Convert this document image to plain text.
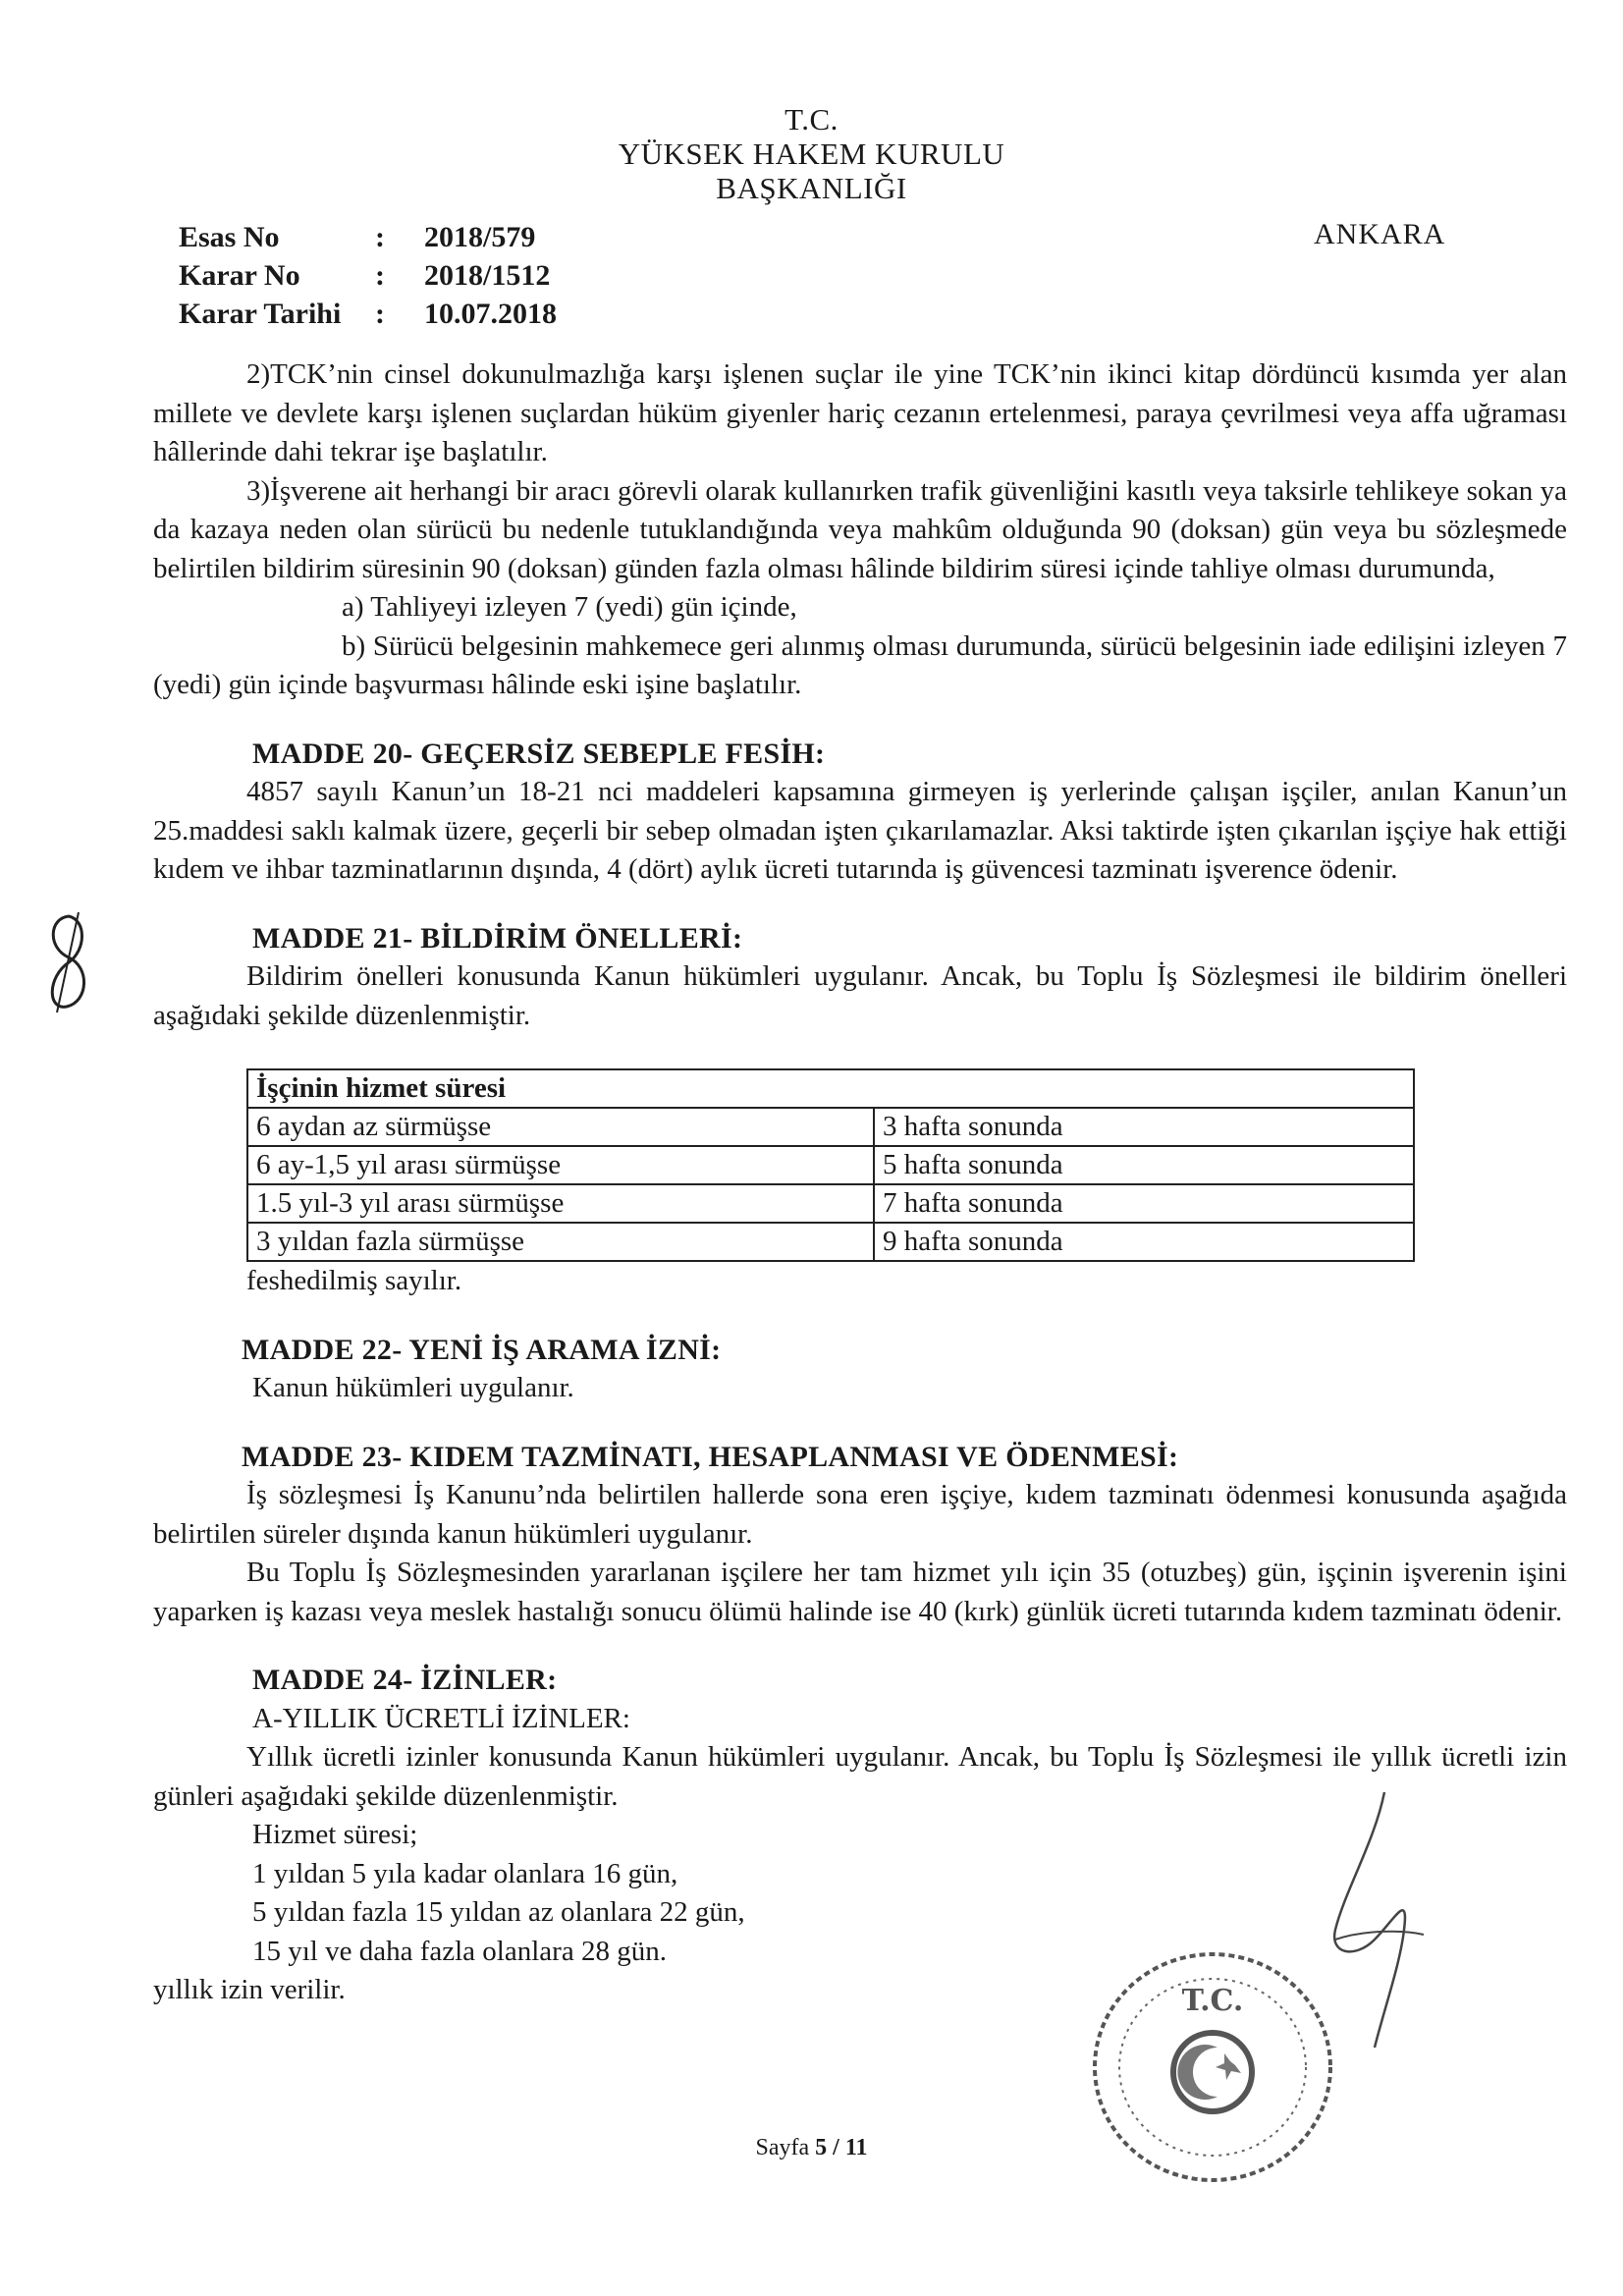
T.C.
YÜKSEK HAKEM KURULU
BAŞKANLIĞI
Esas No	:	2018/579
Karar No	:	2018/1512
Karar Tarihi	:	10.07.2018
ANKARA

2)TCK’nin cinsel dokunulmazlığa karşı işlenen suçlar ile yine TCK’nin ikinci kitap dördüncü kısımda yer alan millete ve devlete karşı işlenen suçlardan hüküm giyenler hariç cezanın ertelenmesi, paraya çevrilmesi veya affa uğraması hâllerinde dahi tekrar işe başlatılır.

3)İşverene ait herhangi bir aracı görevli olarak kullanırken trafik güvenliğini kasıtlı veya taksirle tehlikeye sokan ya da kazaya neden olan sürücü bu nedenle tutuklandığında veya mahkûm olduğunda 90 (doksan) gün veya bu sözleşmede belirtilen bildirim süresinin 90 (doksan) günden fazla olması hâlinde bildirim süresi içinde tahliye olması durumunda,

a) Tahliyeyi izleyen 7 (yedi) gün içinde,

b) Sürücü belgesinin mahkemece geri alınmış olması durumunda, sürücü belgesinin iade edilişini izleyen 7 (yedi) gün içinde başvurması hâlinde eski işine başlatılır.

MADDE 20- GEÇERSİZ SEBEPLE FESİH:

4857 sayılı Kanun’un 18-21 nci maddeleri kapsamına girmeyen iş yerlerinde çalışan işçiler, anılan Kanun’un 25.maddesi saklı kalmak üzere, geçerli bir sebep olmadan işten çıkarılamazlar. Aksi taktirde işten çıkarılan işçiye hak ettiği kıdem ve ihbar tazminatlarının dışında, 4 (dört) aylık ücreti tutarında iş güvencesi tazminatı işverence ödenir.

MADDE 21- BİLDİRİM ÖNELLERİ:

Bildirim önelleri konusunda Kanun hükümleri uygulanır. Ancak, bu Toplu İş Sözleşmesi ile bildirim önelleri aşağıdaki şekilde düzenlenmiştir.

İşçinin hizmet süresi	
6 aydan az sürmüşse	3 hafta sonunda
6 ay-1,5 yıl arası sürmüşse	5 hafta sonunda
1.5 yıl-3 yıl arası sürmüşse	7 hafta sonunda
3 yıldan fazla sürmüşse	9 hafta sonunda

feshedilmiş sayılır.

MADDE 22- YENİ İŞ ARAMA İZNİ:

Kanun hükümleri uygulanır.

MADDE 23- KIDEM TAZMİNATI, HESAPLANMASI VE ÖDENMESİ:

İş sözleşmesi İş Kanunu’nda belirtilen hallerde sona eren işçiye, kıdem tazminatı ödenmesi konusunda aşağıda belirtilen süreler dışında kanun hükümleri uygulanır.

Bu Toplu İş Sözleşmesinden yararlanan işçilere her tam hizmet yılı için 35 (otuzbeş) gün, işçinin işverenin işini yaparken iş kazası veya meslek hastalığı sonucu ölümü halinde ise 40 (kırk) günlük ücreti tutarında kıdem tazminatı ödenir.

MADDE 24- İZİNLER:

A-YILLIK ÜCRETLİ İZİNLER:

Yıllık ücretli izinler konusunda Kanun hükümleri uygulanır. Ancak, bu Toplu İş Sözleşmesi ile yıllık ücretli izin günleri aşağıdaki şekilde düzenlenmiştir.

Hizmet süresi;

1 yıldan 5 yıla kadar olanlara 16 gün,

5 yıldan fazla 15 yıldan az olanlara 22 gün,

15 yıl ve daha fazla olanlara 28 gün.

yıllık izin verilir.

Sayfa 5 / 11
T.C.
